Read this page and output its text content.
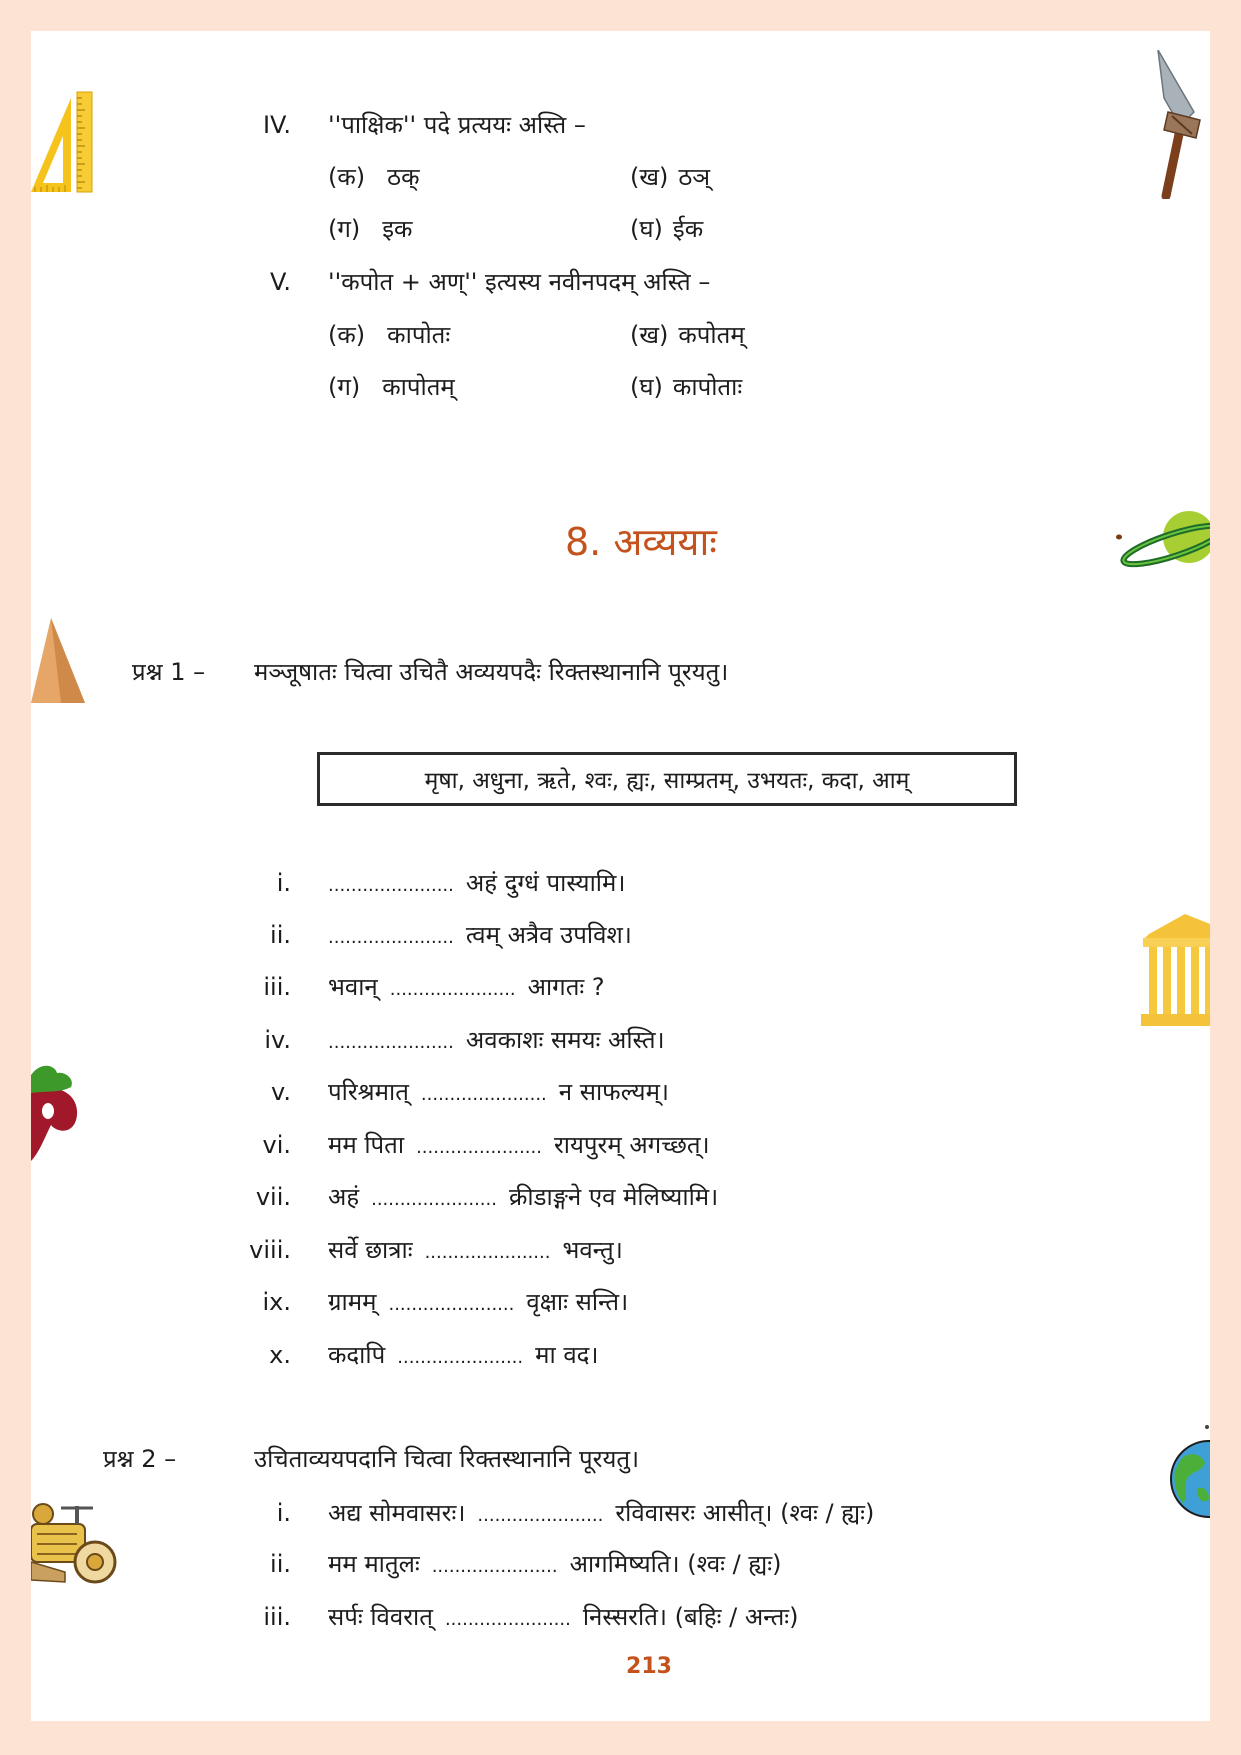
IV. ''पाक्षिक'' पदे प्रत्ययः अस्ति –
(क) ठक्	(ख) ठञ्
(ग) इक	(घ) ईक
V. ''कपोत + अण्'' इत्यस्य नवीनपदम् अस्ति –
(क) कापोतः	(ख) कपोतम्
(ग) कापोतम्	(घ) कापोताः
8. अव्ययाः
प्रश्न 1 – मञ्जूषातः चित्वा उचितै अव्ययपदैः रिक्तस्थानानि पूरयतु।
मृषा, अधुना, ऋते, श्वः, ह्यः, साम्प्रतम्, उभयतः, कदा, आम्
i. ...................... अहं दुग्धं पास्यामि।
ii. ...................... त्वम् अत्रैव उपविश।
iii. भवान् ...................... आगतः ?
iv. ...................... अवकाशः समयः अस्ति।
v. परिश्रमात् ...................... न साफल्यम्।
vi. मम पिता ...................... रायपुरम् अगच्छत्।
vii. अहं ...................... क्रीडाङ्गने एव मेलिष्यामि।
viii. सर्वे छात्राः ...................... भवन्तु।
ix. ग्रामम् ...................... वृक्षाः सन्ति।
x. कदापि ...................... मा वद।
प्रश्न 2 –	उचिताव्ययपदानि चित्वा रिक्तस्थानानि पूरयतु।
i. अद्य सोमवासरः। ...................... रविवासरः आसीत्। (श्वः / ह्यः)
ii. मम मातुलः ...................... आगमिष्यति। (श्वः / ह्यः)
iii. सर्पः विवरात् ...................... निस्सरति। (बहिः / अन्तः)
213
